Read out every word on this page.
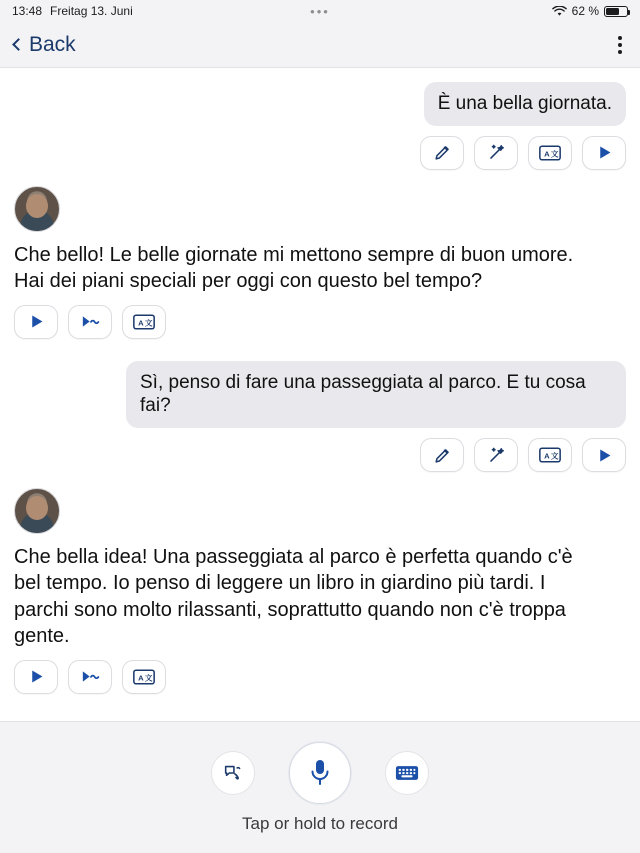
13:48 Freitag 13. Juni	•••	62 %
Back
È una bella giornata.
A 文
Che bello! Le belle giornate mi mettono sempre di buon umore. Hai dei piani speciali per oggi con questo bel tempo?
A 文
Sì, penso di fare una passeggiata al parco. E tu cosa fai?
A 文
Che bella idea! Una passeggiata al parco è perfetta quando c'è bel tempo. Io penso di leggere un libro in giardino più tardi. I parchi sono molto rilassanti, soprattutto quando non c'è troppa gente.
A 文
Tap or hold to record
